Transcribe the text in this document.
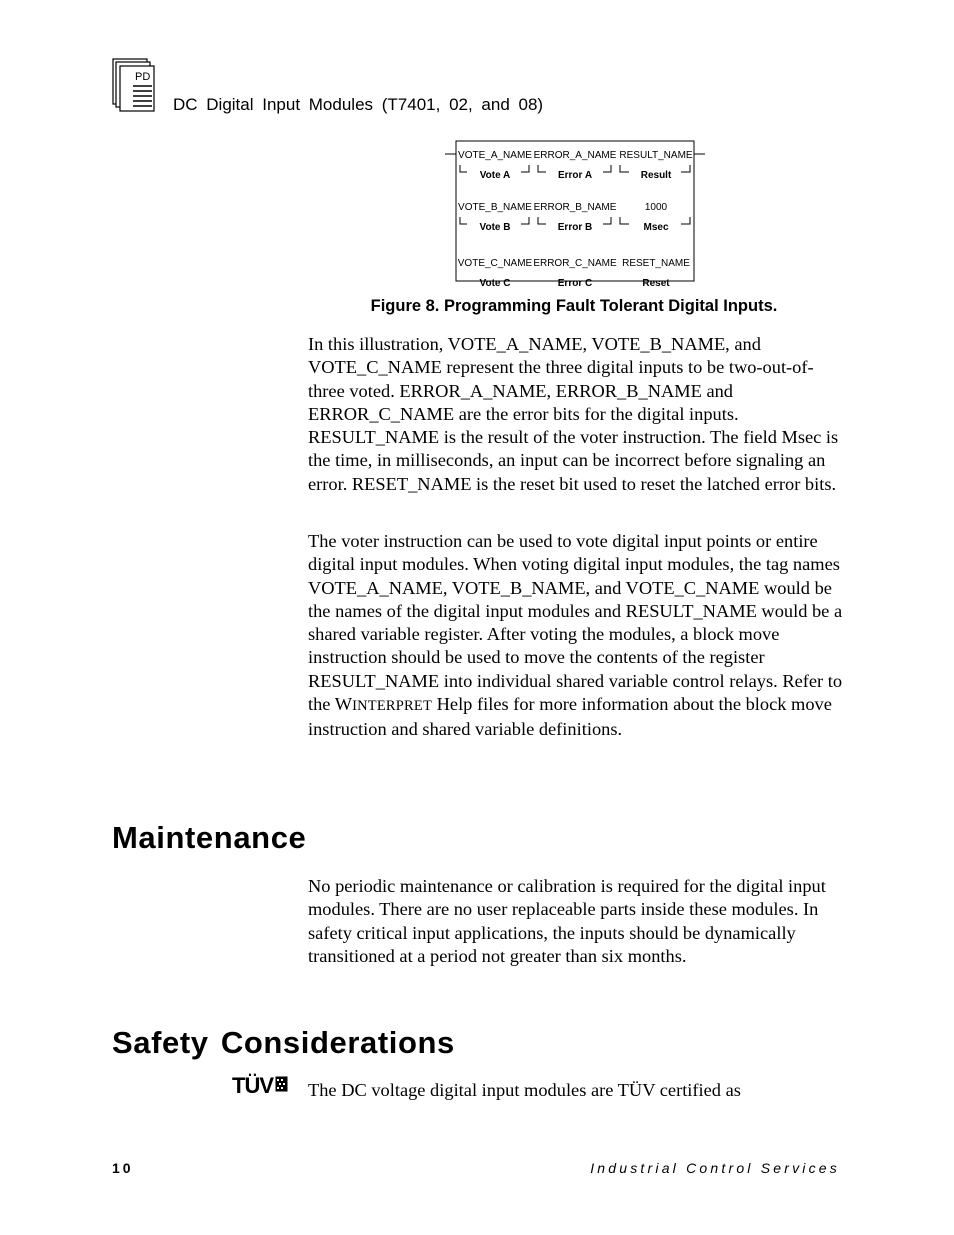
PD
DC Digital Input Modules (T7401, 02, and 08)
VOTE_A_NAME ERROR_A_NAME RESULT_NAME
Vote A	Error A	Result
VOTE_B_NAME ERROR_B_NAME	1000
Vote B	Error B	Msec
VOTE_C_NAME ERROR_C_NAME RESET_NAME
Vote C	Error C	Reset
Figure 8. Programming Fault Tolerant Digital Inputs.

In this illustration, VOTE_A_NAME, VOTE_B_NAME, and VOTE_C_NAME represent the three digital inputs to be two-out-of-three voted. ERROR_A_NAME, ERROR_B_NAME and ERROR_C_NAME are the error bits for the digital inputs. RESULT_NAME is the result of the voter instruction. The field Msec is the time, in milliseconds, an input can be incorrect before signaling an error. RESET_NAME is the reset bit used to reset the latched error bits.

The voter instruction can be used to vote digital input points or entire digital input modules. When voting digital input modules, the tag names VOTE_A_NAME, VOTE_B_NAME, and VOTE_C_NAME would be the names of the digital input modules and RESULT_NAME would be a shared variable register. After voting the modules, a block move instruction should be used to move the contents of the register RESULT_NAME into individual shared variable control relays. Refer to the WINTERPRET Help files for more information about the block move instruction and shared variable definitions.

Maintenance

No periodic maintenance or calibration is required for the digital input modules. There are no user replaceable parts inside these modules. In safety critical input applications, the inputs should be dynamically transitioned at a period not greater than six months.

Safety Considerations
TÜV The DC voltage digital input modules are TÜV certified as

10	Industrial Control Services
